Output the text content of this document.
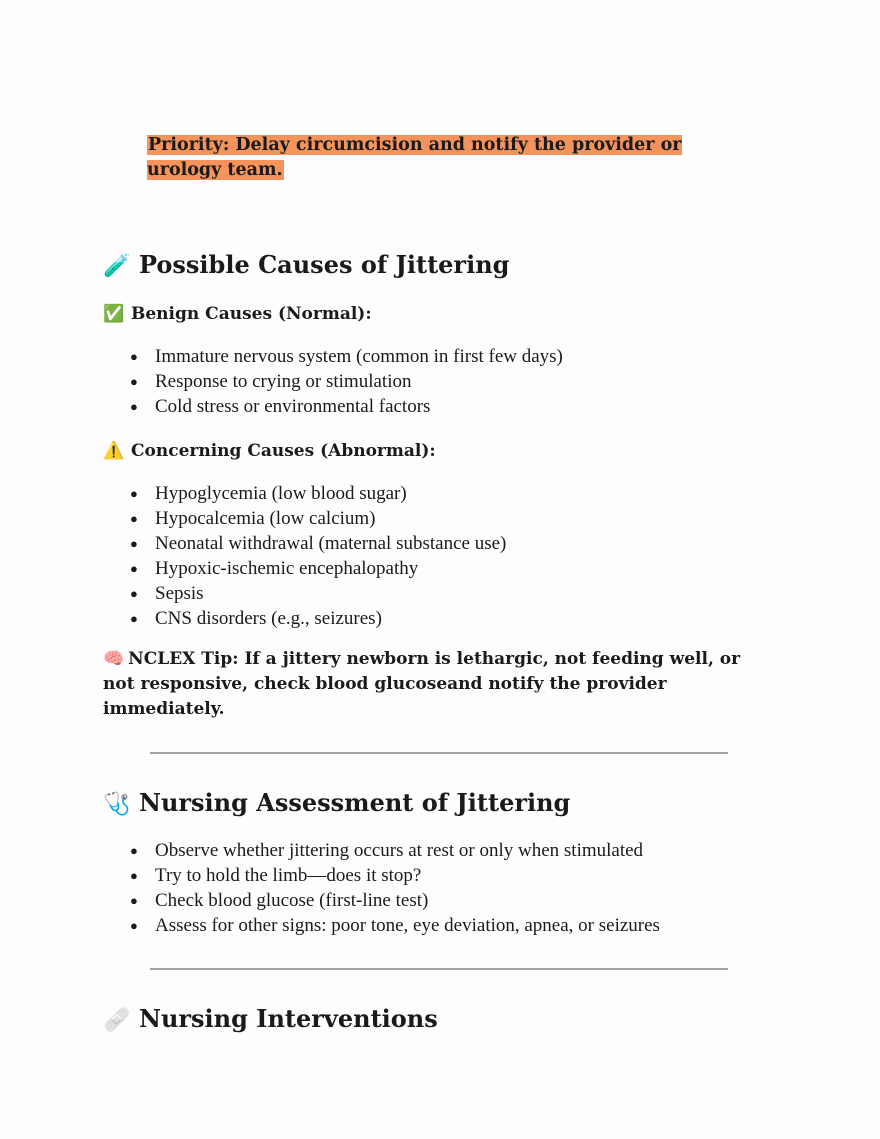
Priority: Delay circumcision and notify the provider or urology team.
🧪 Possible Causes of Jittering
✅ Benign Causes (Normal):
● Immature nervous system (common in first few days)
● Response to crying or stimulation
● Cold stress or environmental factors
⚠️ Concerning Causes (Abnormal):
● Hypoglycemia (low blood sugar)
● Hypocalcemia (low calcium)
● Neonatal withdrawal (maternal substance use)
● Hypoxic-ischemic encephalopathy
● Sepsis
● CNS disorders (e.g., seizures)
🧠 NCLEX Tip: If a jittery newborn is lethargic, not feeding well, or not responsive, check blood glucoseand notify the provider immediately.
🩺 Nursing Assessment of Jittering
● Observe whether jittering occurs at rest or only when stimulated
● Try to hold the limb—does it stop?
● Check blood glucose (first-line test)
● Assess for other signs: poor tone, eye deviation, apnea, or seizures
🩹 Nursing Interventions
